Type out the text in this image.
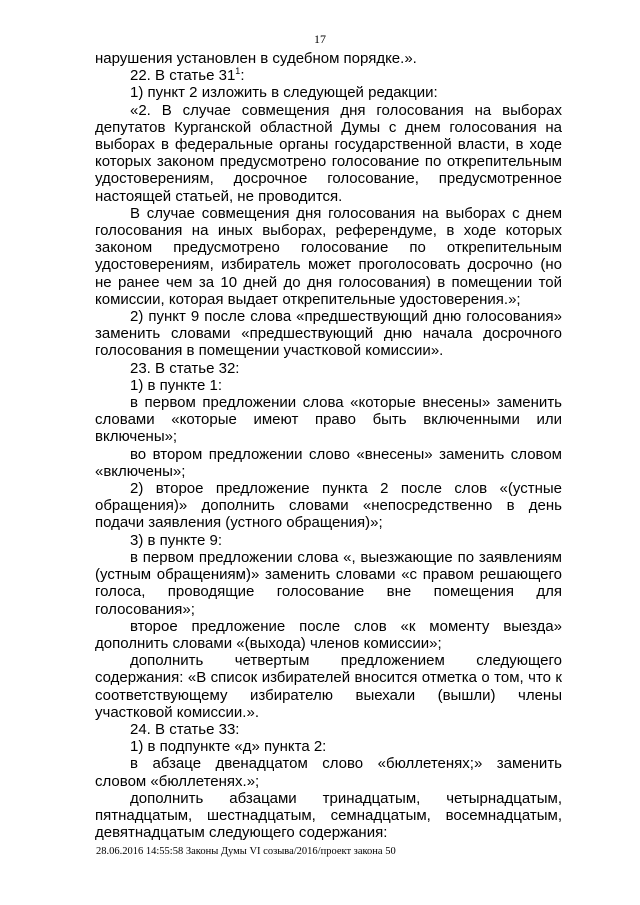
17

нарушения установлен в судебном порядке.».

22. В статье $31^1$:

1) пункт 2 изложить в следующей редакции:

«2. В случае совмещения дня голосования на выборах депутатов Курганской областной Думы с днем голосования на выборах в федеральные органы государственной власти, в ходе которых законом предусмотрено голосование по открепительным удостоверениям, досрочное голосование, предусмотренное настоящей статьей, не проводится.

В случае совмещения дня голосования на выборах с днем голосования на иных выборах, референдуме, в ходе которых законом предусмотрено голосование по открепительным удостоверениям, избиратель может проголосовать досрочно (но не ранее чем за 10 дней до дня голосования) в помещении той комиссии, которая выдает открепительные удостоверения.»;

2) пункт 9 после слова «предшествующий дню голосования» заменить словами «предшествующий дню начала досрочного голосования в помещении участковой комиссии».

23. В статье 32:

1) в пункте 1:

в первом предложении слова «которые внесены» заменить словами «которые имеют право быть включенными или включены»;

во втором предложении слово «внесены» заменить словом «включены»;

2) второе предложение пункта 2 после слов «(устные обращения)» дополнить словами «непосредственно в день подачи заявления (устного обращения)»;

3) в пункте 9:

в первом предложении слова «, выезжающие по заявлениям (устным обращениям)» заменить словами «с правом решающего голоса, проводящие голосование вне помещения для голосования»;

второе предложение после слов «к моменту выезда» дополнить словами «(выхода) членов комиссии»;

дополнить четвертым предложением следующего содержания: «В список избирателей вносится отметка о том, что к соответствующему избирателю выехали (вышли) члены участковой комиссии.».

24. В статье 33:

1) в подпункте «д» пункта 2:

в абзаце двенадцатом слово «бюллетенях;» заменить словом «бюллетенях.»;

дополнить абзацами тринадцатым, четырнадцатым, пятнадцатым, шестнадцатым, семнадцатым, восемнадцатым, девятнадцатым следующего содержания:

28.06.2016 14:55:58 Законы Думы VI созыва/2016/проект закона 50
